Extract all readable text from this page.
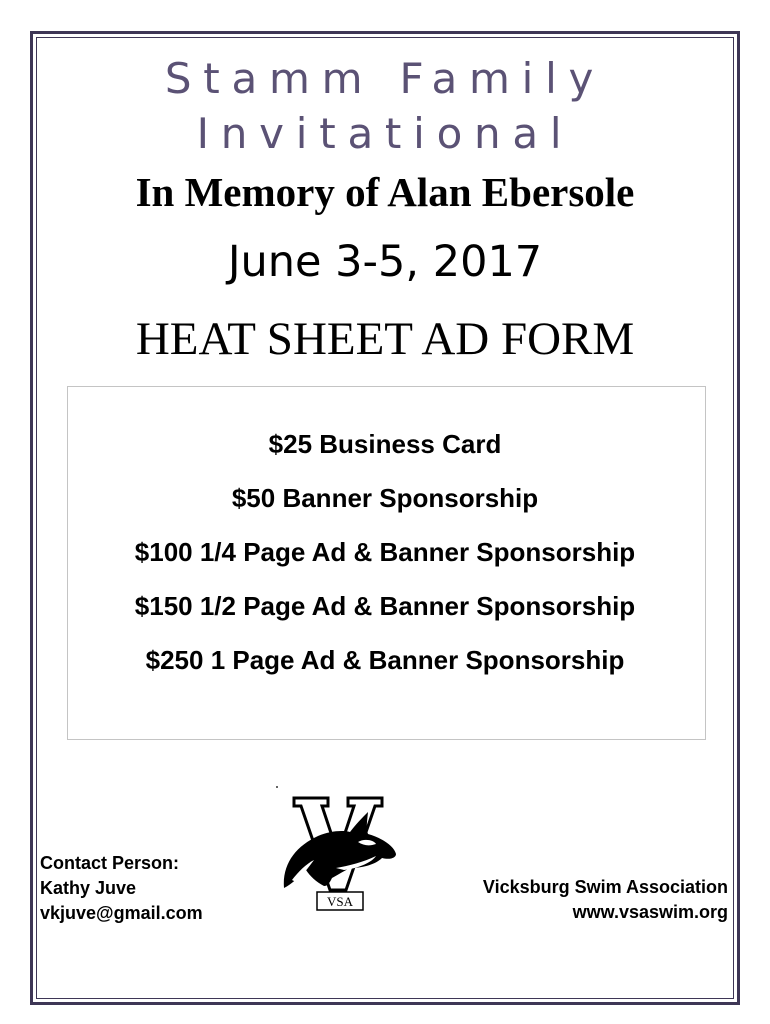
Stamm Family
Invitational
In Memory of Alan Ebersole
June 3-5, 2017
HEAT SHEET AD FORM
$25 Business Card
$50 Banner Sponsorship
$100 1/4 Page Ad & Banner Sponsorship
$150 1/2 Page Ad & Banner Sponsorship
$250 1 Page Ad & Banner Sponsorship
VSA
Contact Person:
Kathy Juve
vkjuve@gmail.com
Vicksburg Swim Association
www.vsaswim.org
